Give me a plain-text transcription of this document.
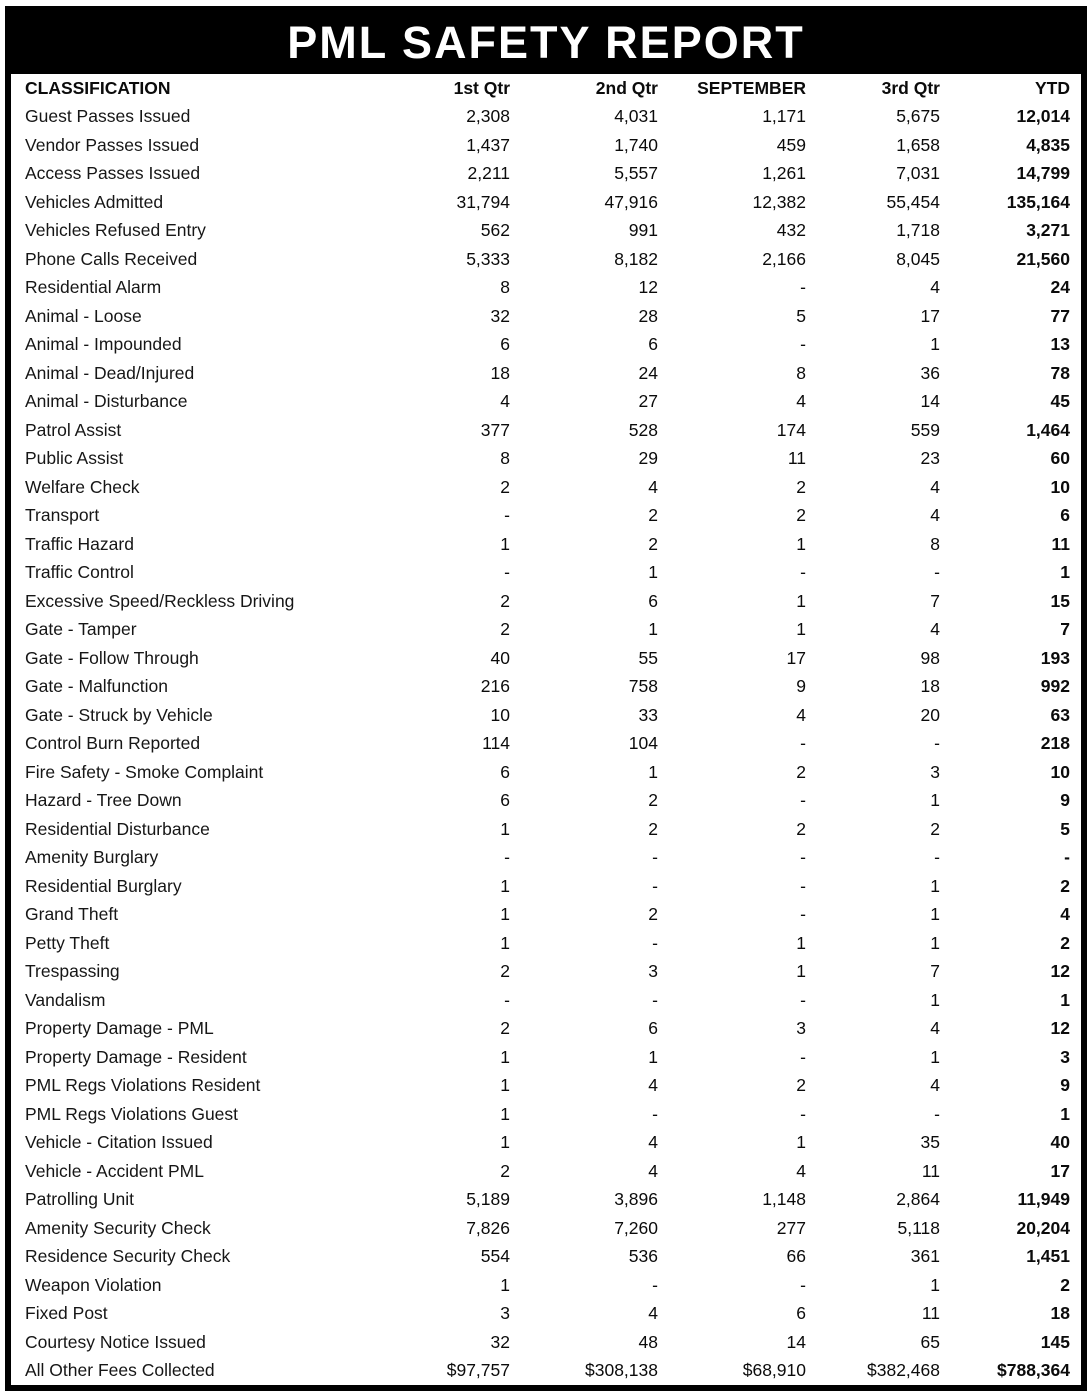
PML SAFETY REPORT
CLASSIFICATION	1st Qtr	2nd Qtr	SEPTEMBER	3rd Qtr	YTD
Guest Passes Issued	2,308	4,031	1,171	5,675	12,014
Vendor Passes Issued	1,437	1,740	459	1,658	4,835
Access Passes Issued	2,211	5,557	1,261	7,031	14,799
Vehicles Admitted	31,794	47,916	12,382	55,454	135,164
Vehicles Refused Entry	562	991	432	1,718	3,271
Phone Calls Received	5,333	8,182	2,166	8,045	21,560
Residential Alarm	8	12	-	4	24
Animal - Loose	32	28	5	17	77
Animal - Impounded	6	6	-	1	13
Animal - Dead/Injured	18	24	8	36	78
Animal - Disturbance	4	27	4	14	45
Patrol Assist	377	528	174	559	1,464
Public Assist	8	29	11	23	60
Welfare Check	2	4	2	4	10
Transport	-	2	2	4	6
Traffic Hazard	1	2	1	8	11
Traffic Control	-	1	-	-	1
Excessive Speed/Reckless Driving	2	6	1	7	15
Gate - Tamper	2	1	1	4	7
Gate - Follow Through	40	55	17	98	193
Gate - Malfunction	216	758	9	18	992
Gate - Struck by Vehicle	10	33	4	20	63
Control Burn Reported	114	104	-	-	218
Fire Safety - Smoke Complaint	6	1	2	3	10
Hazard - Tree Down	6	2	-	1	9
Residential Disturbance	1	2	2	2	5
Amenity Burglary	-	-	-	-	-
Residential Burglary	1	-	-	1	2
Grand Theft	1	2	-	1	4
Petty Theft	1	-	1	1	2
Trespassing	2	3	1	7	12
Vandalism	-	-	-	1	1
Property Damage - PML	2	6	3	4	12
Property Damage - Resident	1	1	-	1	3
PML Regs Violations Resident	1	4	2	4	9
PML Regs Violations Guest	1	-	-	-	1
Vehicle - Citation Issued	1	4	1	35	40
Vehicle - Accident PML	2	4	4	11	17
Patrolling Unit	5,189	3,896	1,148	2,864	11,949
Amenity Security Check	7,826	7,260	277	5,118	20,204
Residence Security Check	554	536	66	361	1,451
Weapon Violation	1	-	-	1	2
Fixed Post	3	4	6	11	18
Courtesy Notice Issued	32	48	14	65	145
All Other Fees Collected	$97,757	$308,138	$68,910	$382,468	$788,364
